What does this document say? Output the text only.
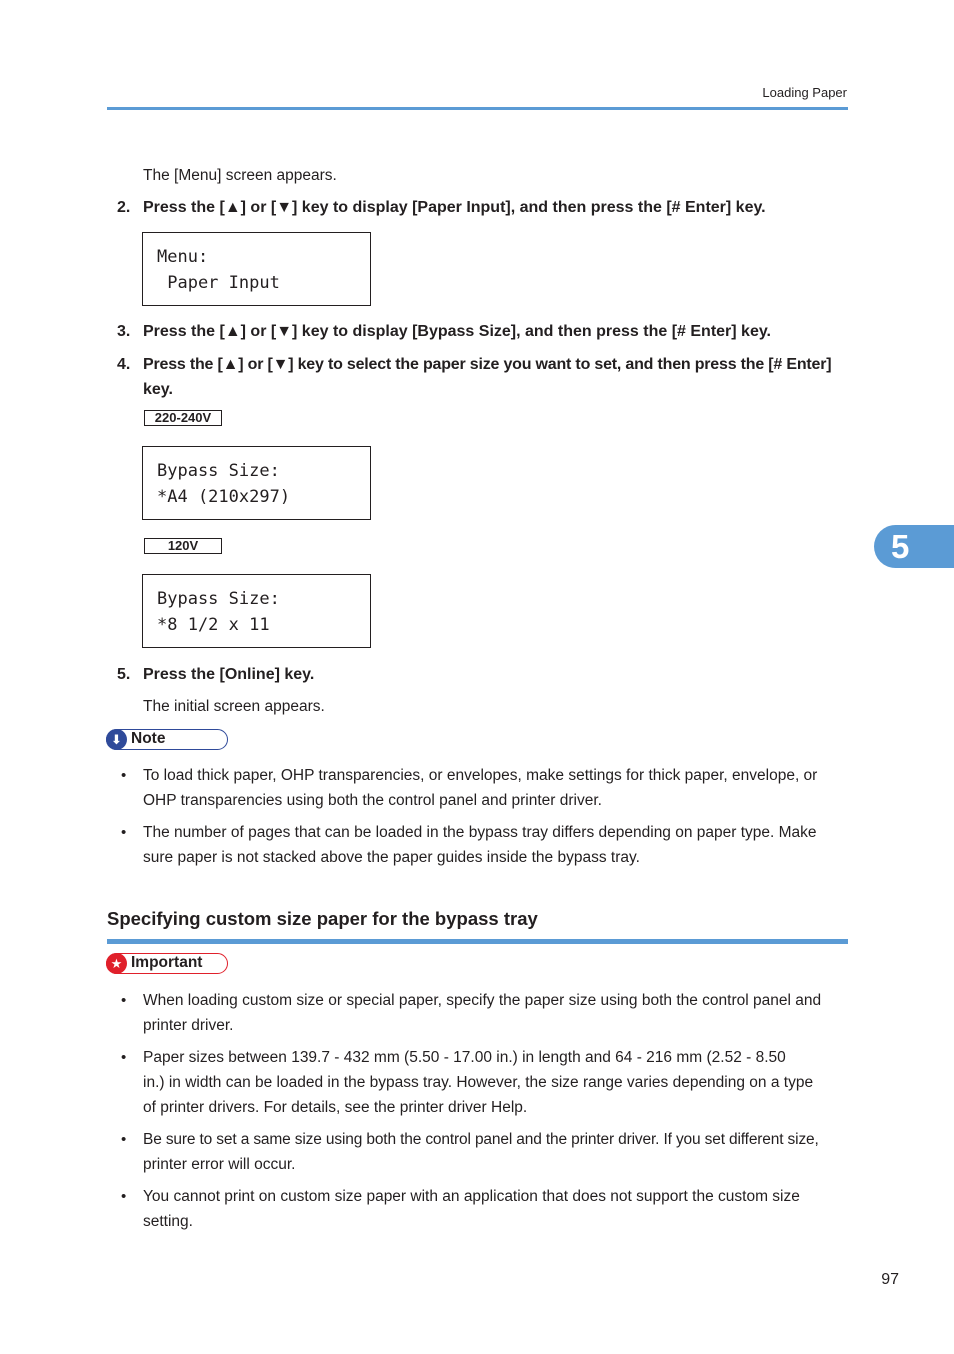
Loading Paper
The [Menu] screen appears.
2. Press the [▲] or [▼] key to display [Paper Input], and then press the [# Enter] key.
Menu:
Paper Input
3. Press the [▲] or [▼] key to display [Bypass Size], and then press the [# Enter] key.
4. Press the [▲] or [▼] key to select the paper size you want to set, and then press the [# Enter]
key.
220-240V
Bypass Size:
*A4 (210x297)
120V
Bypass Size:
*8 1/2 x 11
5. Press the [Online] key.
The initial screen appears.
⬇ Note
• To load thick paper, OHP transparencies, or envelopes, make settings for thick paper, envelope, or
OHP transparencies using both the control panel and printer driver.
• The number of pages that can be loaded in the bypass tray differs depending on paper type. Make
sure paper is not stacked above the paper guides inside the bypass tray.
Specifying custom size paper for the bypass tray
★ Important
• When loading custom size or special paper, specify the paper size using both the control panel and
printer driver.
• Paper sizes between 139.7 - 432 mm (5.50 - 17.00 in.) in length and 64 - 216 mm (2.52 - 8.50
in.) in width can be loaded in the bypass tray. However, the size range varies depending on a type
of printer drivers. For details, see the printer driver Help.
• Be sure to set a same size using both the control panel and the printer driver. If you set different size,
printer error will occur.
• You cannot print on custom size paper with an application that does not support the custom size
setting.
5
97
